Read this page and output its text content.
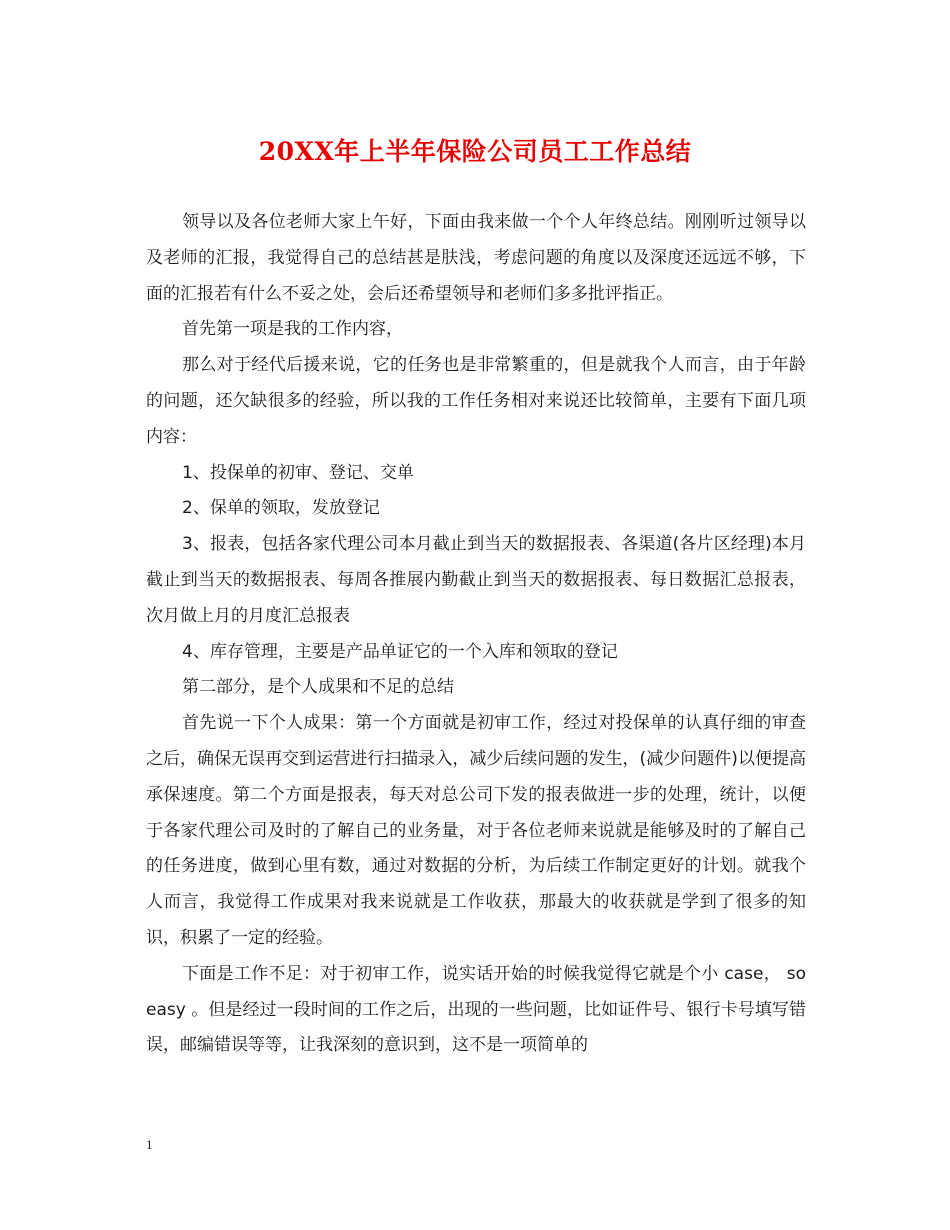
20XX年上半年保险公司员工工作总结

领导以及各位老师大家上午好，下面由我来做一个个人年终总结。刚刚听过领导以及老师的汇报，我觉得自己的总结甚是肤浅，考虑问题的角度以及深度还远远不够，下面的汇报若有什么不妥之处，会后还希望领导和老师们多多批评指正。

首先第一项是我的工作内容，

那么对于经代后援来说，它的任务也是非常繁重的，但是就我个人而言，由于年龄的问题，还欠缺很多的经验，所以我的工作任务相对来说还比较简单，主要有下面几项内容：

1、投保单的初审、登记、交单

2、保单的领取，发放登记

3、报表，包括各家代理公司本月截止到当天的数据报表、各渠道(各片区经理)本月截止到当天的数据报表、每周各推展内勤截止到当天的数据报表、每日数据汇总报表，次月做上月的月度汇总报表

4、库存管理，主要是产品单证它的一个入库和领取的登记

第二部分，是个人成果和不足的总结

首先说一下个人成果：第一个方面就是初审工作，经过对投保单的认真仔细的审查之后，确保无误再交到运营进行扫描录入，减少后续问题的发生，(减少问题件)以便提高承保速度。第二个方面是报表，每天对总公司下发的报表做进一步的处理，统计，以便于各家代理公司及时的了解自己的业务量，对于各位老师来说就是能够及时的了解自己的任务进度，做到心里有数，通过对数据的分析，为后续工作制定更好的计划。就我个人而言，我觉得工作成果对我来说就是工作收获，那最大的收获就是学到了很多的知识，积累了一定的经验。

下面是工作不足：对于初审工作，说实话开始的时候我觉得它就是个小 case， so easy 。但是经过一段时间的工作之后，出现的一些问题，比如证件号、银行卡号填写错误，邮编错误等等，让我深刻的意识到，这不是一项简单的

1
